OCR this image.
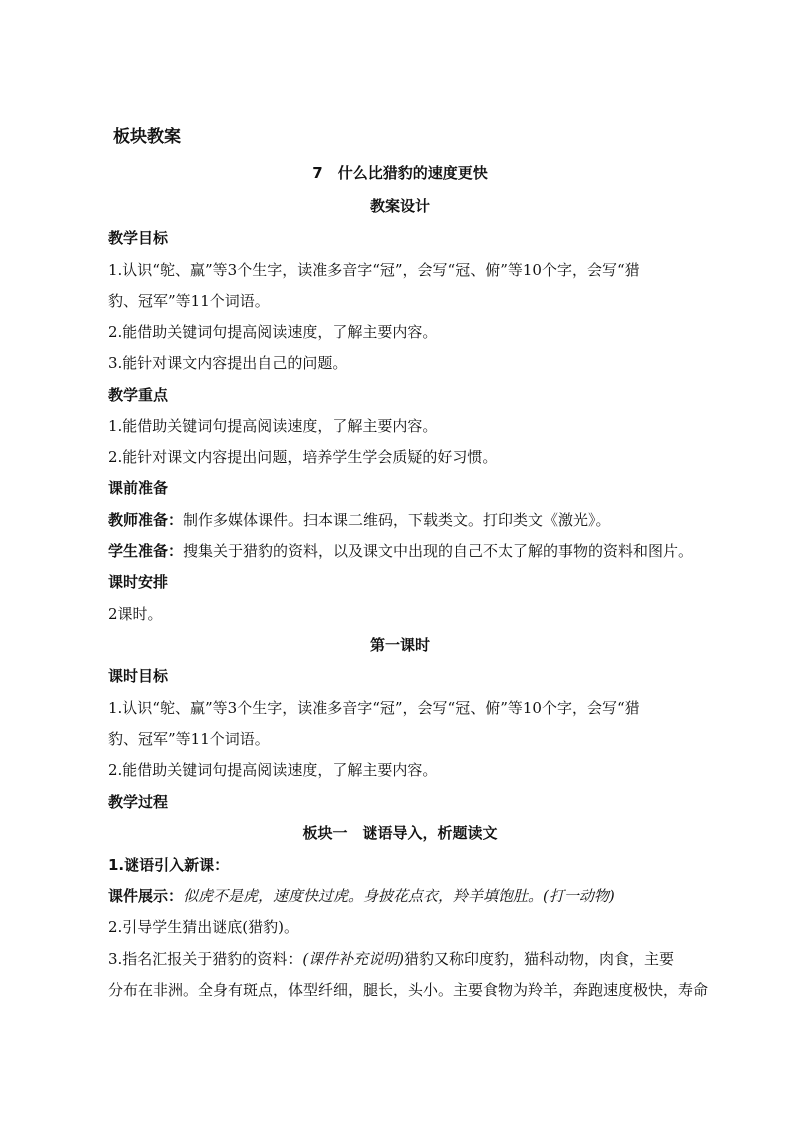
板块教案
7　什么比猎豹的速度更快
教案设计
教学目标
1.认识“鸵、赢”等3个生字，读准多音字“冠”，会写“冠、俯”等10个字，会写“猎
豹、冠军”等11个词语。
2.能借助关键词句提高阅读速度，了解主要内容。
3.能针对课文内容提出自己的问题。
教学重点
1.能借助关键词句提高阅读速度，了解主要内容。
2.能针对课文内容提出问题，培养学生学会质疑的好习惯。
课前准备
教师准备：制作多媒体课件。扫本课二维码，下载类文。打印类文《激光》。
学生准备：搜集关于猎豹的资料，以及课文中出现的自己不太了解的事物的资料和图片。
课时安排
2课时。
第一课时
课时目标
1.认识“鸵、赢”等3个生字，读准多音字“冠”，会写“冠、俯”等10个字，会写“猎
豹、冠军”等11个词语。
2.能借助关键词句提高阅读速度，了解主要内容。
教学过程
板块一　谜语导入，析题读文
1.谜语引入新课：
课件展示：似虎不是虎，速度快过虎。身披花点衣，羚羊填饱肚。(打一动物)
2.引导学生猜出谜底(猎豹)。
3.指名汇报关于猎豹的资料：(课件补充说明)猎豹又称印度豹，猫科动物，肉食，主要
分布在非洲。全身有斑点，体型纤细，腿长，头小。主要食物为羚羊，奔跑速度极快，寿命
